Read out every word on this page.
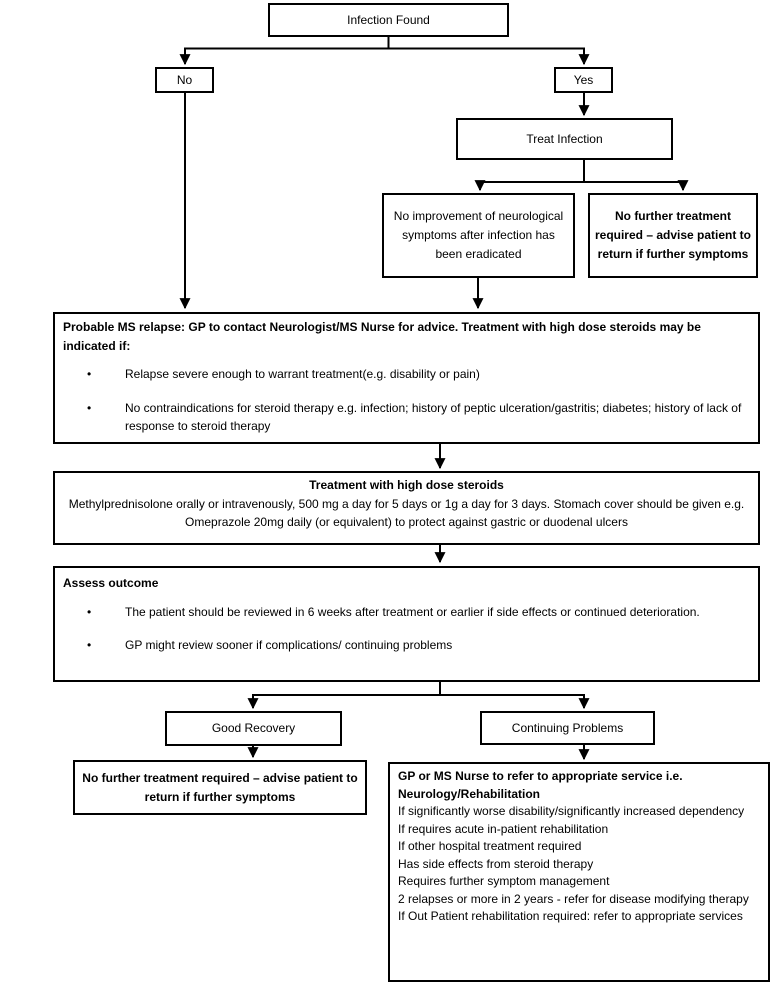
Infection Found
No	Yes
Treat Infection
No improvement of neurological symptoms after infection has been eradicated
No further treatment required – advise patient to return if further symptoms
Probable MS relapse: GP to contact Neurologist/MS Nurse for advice. Treatment with high dose steroids may be indicated if:
• Relapse severe enough to warrant treatment(e.g. disability or pain)
• No contraindications for steroid therapy e.g. infection; history of peptic ulceration/gastritis; diabetes; history of lack of response to steroid therapy
Treatment with high dose steroids
Methylprednisolone orally or intravenously, 500 mg a day for 5 days or 1g a day for 3 days. Stomach cover should be given e.g. Omeprazole 20mg daily (or equivalent) to protect against gastric or duodenal ulcers
Assess outcome
• The patient should be reviewed in 6 weeks after treatment or earlier if side effects or continued deterioration.
• GP might review sooner if complications/ continuing problems
Good Recovery	Continuing Problems
No further treatment required – advise patient to return if further symptoms
GP or MS Nurse to refer to appropriate service i.e. Neurology/Rehabilitation
If significantly worse disability/significantly increased dependency
If requires acute in-patient rehabilitation
If other hospital treatment required
Has side effects from steroid therapy
Requires further symptom management
2 relapses or more in 2 years - refer for disease modifying therapy
If Out Patient rehabilitation required: refer to appropriate services
